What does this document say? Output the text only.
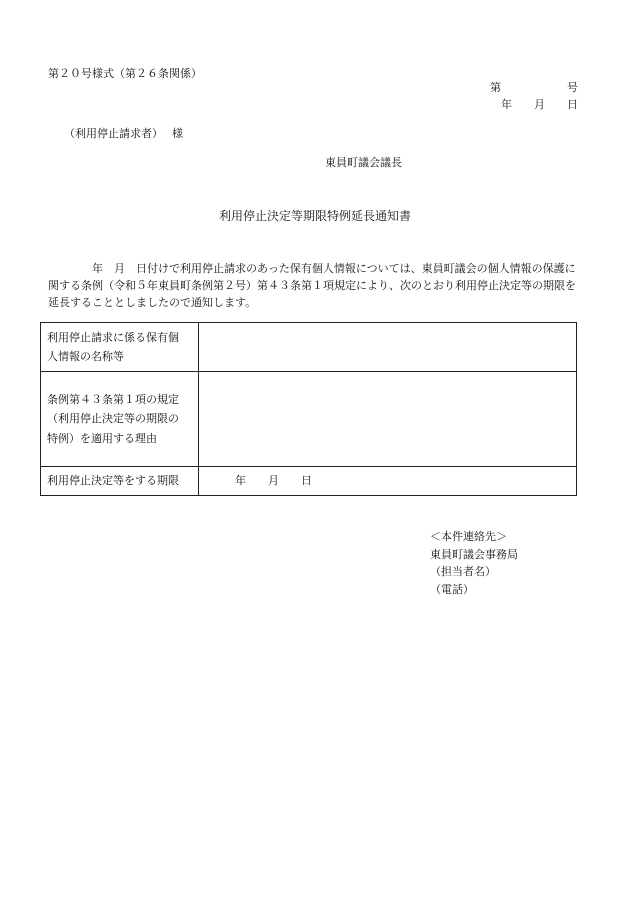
第２０号様式（第２６条関係）
第　　　　　　号
年　　月　　日
（利用停止請求者）　 様
東員町議会議長
利用停止決定等期限特例延長通知書
年　月　日付けで利用停止請求のあった保有個人情報については、東員町議会の個人情報の保護に関する条例（令和５年東員町条例第２号）第４３条第１項規定により、次のとおり利用停止決定等の期限を延長することとしましたので通知します。
利用停止請求に係る保有個
人情報の名称等	

条例第４３条第１項の規定
（利用停止決定等の期限の
特例）を適用する理由	

利用停止決定等をする期限	年　　月　　日
＜本件連絡先＞
東員町議会事務局
（担当者名）
（電話）
